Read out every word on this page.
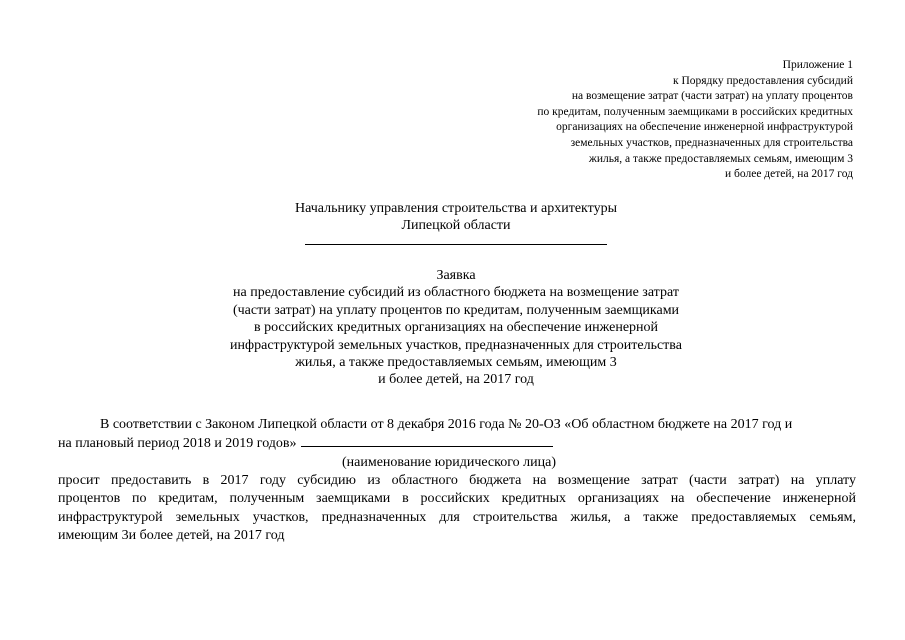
Приложение 1
к Порядку предоставления субсидий
на возмещение затрат (части затрат) на уплату процентов
по кредитам, полученным заемщиками в российских кредитных
организациях на обеспечение инженерной инфраструктурой
земельных участков, предназначенных для строительства
жилья, а также предоставляемых семьям, имеющим 3
и более детей, на 2017 год
Начальнику управления строительства и архитектуры
Липецкой области
Заявка
на предоставление субсидий из областного бюджета на возмещение затрат
(части затрат) на уплату процентов по кредитам, полученным заемщиками
в российских кредитных организациях на обеспечение инженерной
инфраструктурой земельных участков, предназначенных для строительства
жилья, а также предоставляемых семьям, имеющим 3
и более детей, на 2017 год
В соответствии с Законом Липецкой области от 8 декабря 2016 года № 20-ОЗ «Об областном бюджете на 2017 год и
на плановый период 2018 и 2019 годов»
(наименование юридического лица)
просит предоставить в 2017 году субсидию из областного бюджета на возмещение затрат (части затрат) на уплату
процентов по кредитам, полученным заемщиками в российских кредитных организациях на обеспечение инженерной
инфраструктурой земельных участков, предназначенных для строительства жилья, а также предоставляемых семьям,
имеющим 3и более детей, на 2017 год
